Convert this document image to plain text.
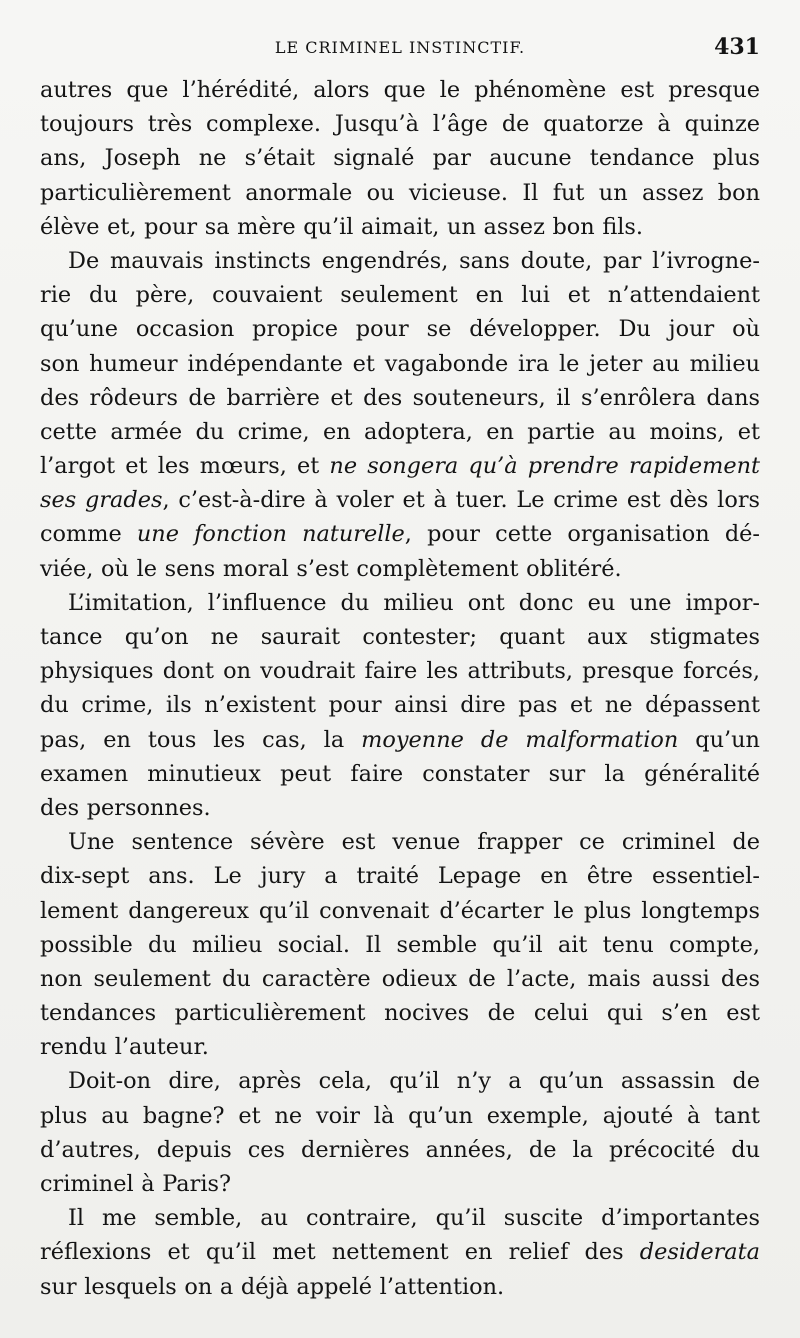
LE CRIMINEL INSTINCTIF.	431
autres que l’hérédité, alors que le phénomène est presque
toujours très complexe. Jusqu’à l’âge de quatorze à quinze
ans, Joseph ne s’était signalé par aucune tendance plus
particulièrement anormale ou vicieuse. Il fut un assez bon
élève et, pour sa mère qu’il aimait, un assez bon fils.
De mauvais instincts engendrés, sans doute, par l’ivrogne-
rie du père, couvaient seulement en lui et n’attendaient
qu’une occasion propice pour se développer. Du jour où
son humeur indépendante et vagabonde ira le jeter au milieu
des rôdeurs de barrière et des souteneurs, il s’enrôlera dans
cette armée du crime, en adoptera, en partie au moins, et
l’argot et les mœurs, et ne songera qu’à prendre rapidement
ses grades, c’est-à-dire à voler et à tuer. Le crime est dès lors
comme une fonction naturelle, pour cette organisation dé-
viée, où le sens moral s’est complètement oblitéré.
L’imitation, l’influence du milieu ont donc eu une impor-
tance qu’on ne saurait contester; quant aux stigmates
physiques dont on voudrait faire les attributs, presque forcés,
du crime, ils n’existent pour ainsi dire pas et ne dépassent
pas, en tous les cas, la moyenne de malformation qu’un
examen minutieux peut faire constater sur la généralité
des personnes.
Une sentence sévère est venue frapper ce criminel de
dix-sept ans. Le jury a traité Lepage en être essentiel-
lement dangereux qu’il convenait d’écarter le plus longtemps
possible du milieu social. Il semble qu’il ait tenu compte,
non seulement du caractère odieux de l’acte, mais aussi des
tendances particulièrement nocives de celui qui s’en est
rendu l’auteur.
Doit-on dire, après cela, qu’il n’y a qu’un assassin de
plus au bagne? et ne voir là qu’un exemple, ajouté à tant
d’autres, depuis ces dernières années, de la précocité du
criminel à Paris?
Il me semble, au contraire, qu’il suscite d’importantes
réflexions et qu’il met nettement en relief des desiderata
sur lesquels on a déjà appelé l’attention.
